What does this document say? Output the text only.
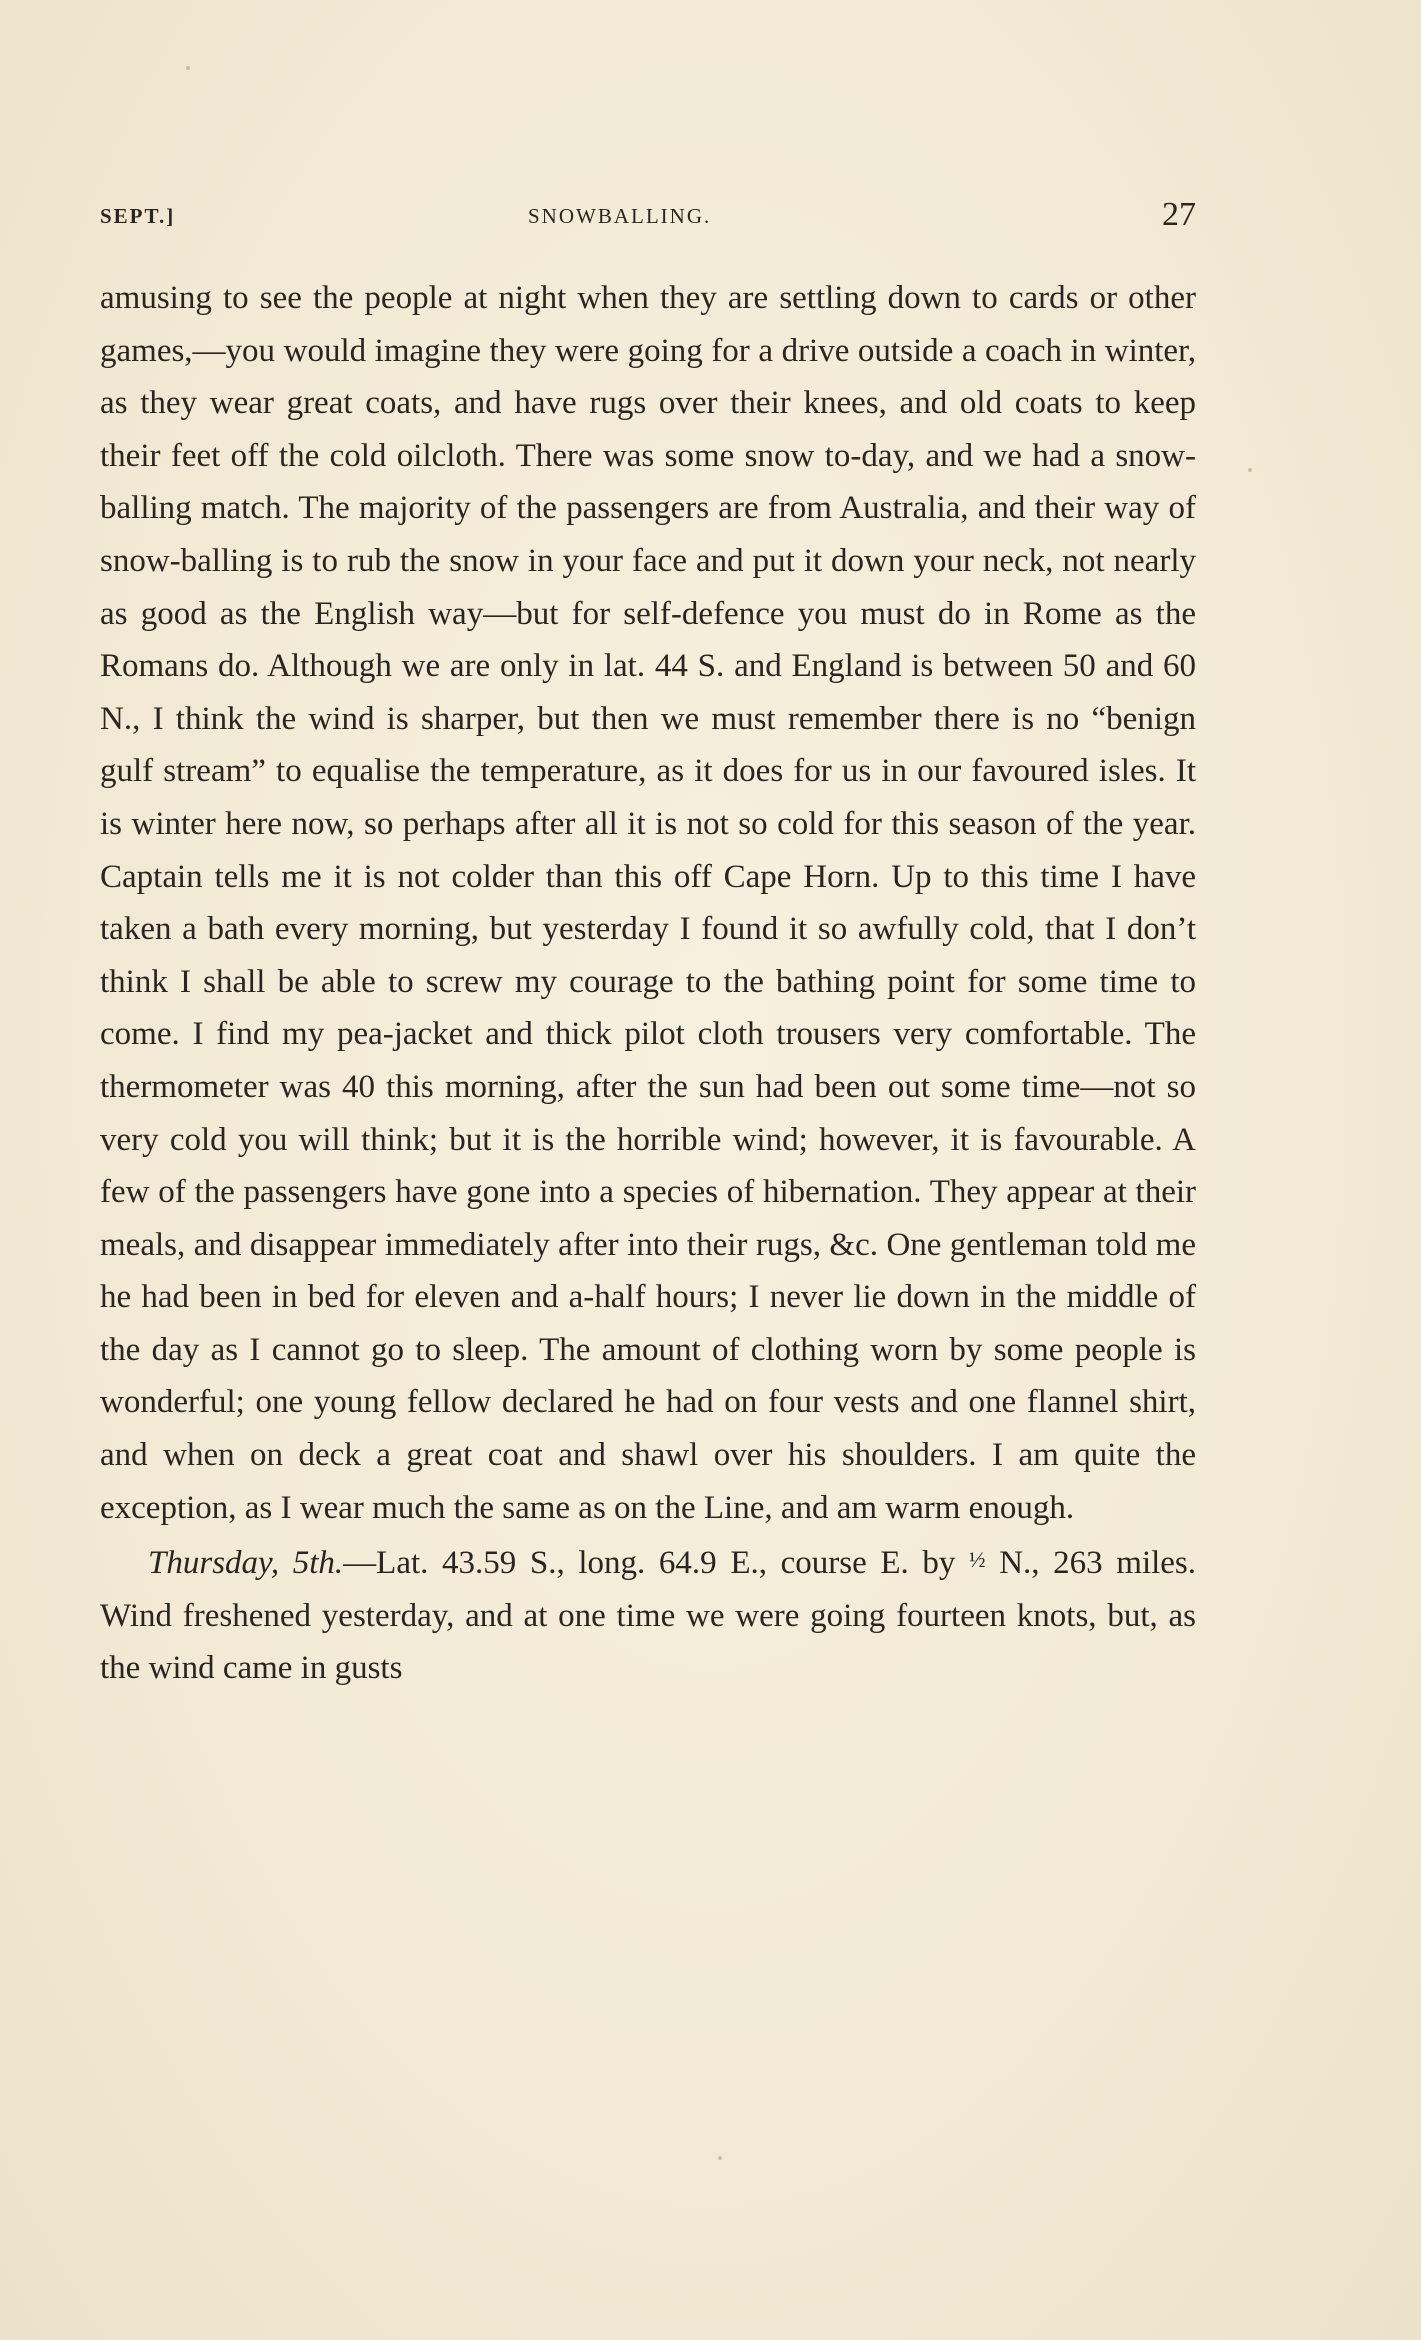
SEPT.]	SNOWBALLING.	27

amusing to see the people at night when they are settling down to cards or other games,—you would imagine they were going for a drive outside a coach in winter, as they wear great coats, and have rugs over their knees, and old coats to keep their feet off the cold oilcloth. There was some snow to-day, and we had a snow-balling match. The majority of the passengers are from Australia, and their way of snow-balling is to rub the snow in your face and put it down your neck, not nearly as good as the English way—but for self-defence you must do in Rome as the Romans do. Although we are only in lat. 44 S. and England is between 50 and 60 N., I think the wind is sharper, but then we must remember there is no “benign gulf stream” to equalise the temperature, as it does for us in our favoured isles. It is winter here now, so perhaps after all it is not so cold for this season of the year. Captain tells me it is not colder than this off Cape Horn. Up to this time I have taken a bath every morning, but yesterday I found it so awfully cold, that I don’t think I shall be able to screw my courage to the bathing point for some time to come. I find my pea-jacket and thick pilot cloth trousers very comfortable. The thermometer was 40 this morning, after the sun had been out some time—not so very cold you will think; but it is the horrible wind; however, it is favourable. A few of the passengers have gone into a species of hibernation. They appear at their meals, and disappear immediately after into their rugs, &c. One gentleman told me he had been in bed for eleven and a-half hours; I never lie down in the middle of the day as I cannot go to sleep. The amount of clothing worn by some people is wonderful; one young fellow declared he had on four vests and one flannel shirt, and when on deck a great coat and shawl over his shoulders. I am quite the exception, as I wear much the same as on the Line, and am warm enough.

Thursday, 5th.—Lat. 43.59 S., long. 64.9 E., course E. by ½ N., 263 miles. Wind freshened yesterday, and at one time we were going fourteen knots, but, as the wind came in gusts
